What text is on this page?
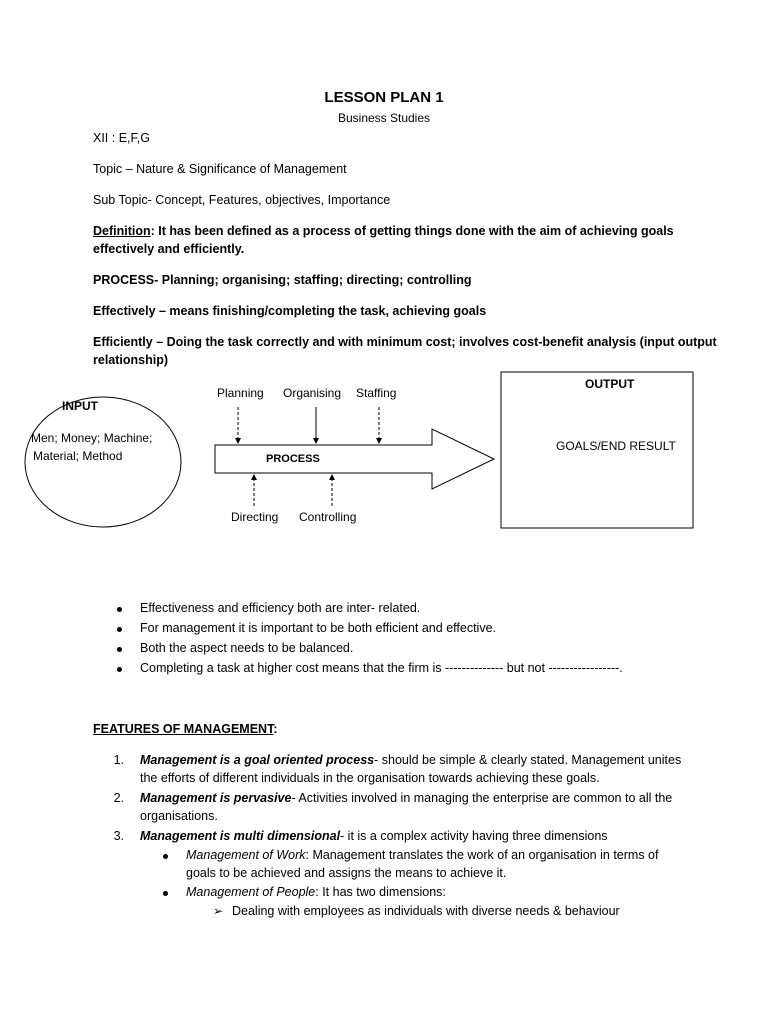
LESSON PLAN 1
Business Studies
XII : E,F,G
Topic – Nature & Significance of Management
Sub Topic- Concept, Features, objectives, Importance
Definition: It has been defined as a process of getting things done with the aim of achieving goals
effectively and efficiently.
PROCESS- Planning; organising; staffing; directing; controlling
Effectively – means finishing/completing the task, achieving goals
Efficiently – Doing the task correctly and with minimum cost; involves cost-benefit analysis (input output
relationship)
INPUT
Men; Money; Machine;
Material; Method
Planning Organising Staffing
PROCESS
Directing Controlling
OUTPUT
GOALS/END RESULT
Effectiveness and efficiency both are inter- related.
For management it is important to be both efficient and effective.
Both the aspect needs to be balanced.
Completing a task at higher cost means that the firm is -------------- but not -----------------.
FEATURES OF MANAGEMENT:
1. Management is a goal oriented process- should be simple & clearly stated. Management unites
the efforts of different individuals in the organisation towards achieving these goals.
2. Management is pervasive- Activities involved in managing the enterprise are common to all the
organisations.
3. Management is multi dimensional- it is a complex activity having three dimensions
Management of Work: Management translates the work of an organisation in terms of
goals to be achieved and assigns the means to achieve it.
Management of People: It has two dimensions:
➢ Dealing with employees as individuals with diverse needs & behaviour
